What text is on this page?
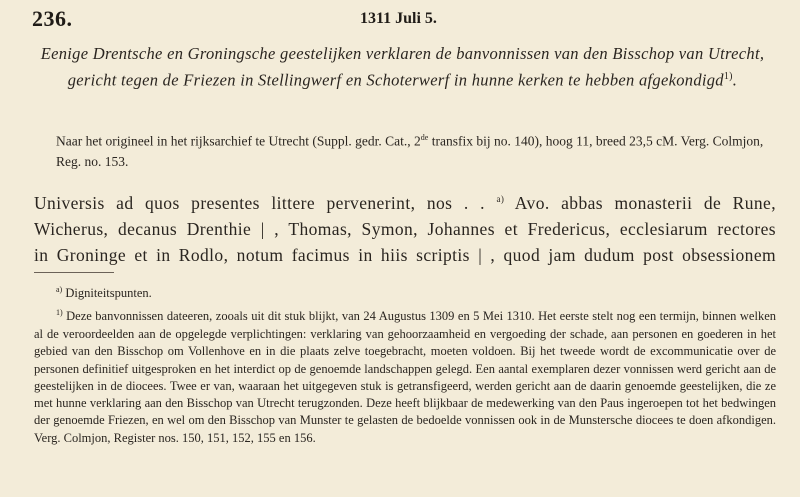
236.	1311 Juli 5.
Eenige Drentsche en Groningsche geestelijken verklaren de banvonnissen van den Bisschop van Utrecht, gericht tegen de Friezen in Stellingwerf en Schoterwerf in hunne kerken te hebben afgekondigd$^{1)}$.
Naar het origineel in het rijksarchief te Utrecht (Suppl. gedr. Cat., 2de transfix bij no. 140), hoog 11, breed 23,5 cM. Verg. Colmjon, Reg. no. 153.
Universis ad quos presentes littere pervenerint, nos . . $^{a)}$ Avo. abbas monasterii de Rune,
Wicherus, decanus Drenthie | , Thomas, Symon, Johannes et Fredericus, ecclesiarum rectores
in Groninge et in Rodlo, notum facimus in hiis scriptis | , quod jam dudum post obsessionem
$^{a)}$ Digniteitspunten.
$^{1)}$ Deze banvonnissen dateeren, zooals uit dit stuk blijkt, van 24 Augustus 1309 en 5 Mei 1310. Het eerste stelt nog een termijn, binnen welken al de veroordeelden aan de opgelegde verplichtingen: verklaring van gehoorzaamheid en vergoeding der schade, aan personen en goederen in het gebied van den Bisschop om Vollenhove en in die plaats zelve toegebracht, moeten voldoen. Bij het tweede wordt de excommunicatie over de personen definitief uitgesproken en het interdict op de genoemde landschappen gelegd. Een aantal exemplaren dezer vonnissen werd gericht aan de geestelijken in de diocees. Twee er van, waaraan het uitgegeven stuk is getransfigeerd, werden gericht aan de daarin genoemde geestelijken, die ze met hunne verklaring aan den Bisschop van Utrecht terugzonden. Deze heeft blijkbaar de medewerking van den Paus ingeroepen tot het bedwingen der genoemde Friezen, en wel om den Bisschop van Munster te gelasten de bedoelde vonnissen ook in de Munstersche diocees te doen afkondigen. Verg. Colmjon, Register nos. 150, 151, 152, 155 en 156.
